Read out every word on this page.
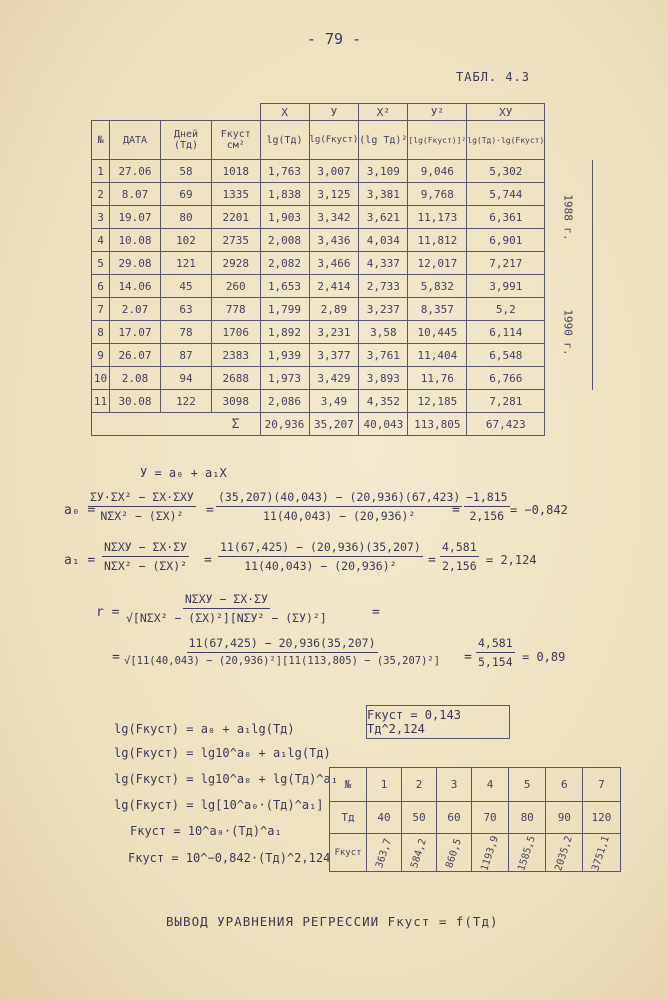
- 79 -
ТАБЛ. 4.3
				X	У	X²	У²	XУ	
№	ДАТА	Дней (Тд)	Fкуст см²	lg(Тд)	lg(Fкуст)	(lg Тд)²	[lg(Fкуст)]²	lg(Тд)·lg(Fкуст)	
1	27.06	58	1018	1,763	3,007	3,109	9,046	5,302	1988 г.
2	8.07	69	1335	1,838	3,125	3,381	9,768	5,744	
3	19.07	80	2201	1,903	3,342	3,621	11,173	6,361	
4	10.08	102	2735	2,008	3,436	4,034	11,812	6,901	
5	29.08	121	2928	2,082	3,466	4,337	12,017	7,217	
6	14.06	45	260	1,653	2,414	2,733	5,832	3,991	1990 г.
7	2.07	63	778	1,799	2,89	3,237	8,357	5,2	
8	17.07	78	1706	1,892	3,231	3,58	10,445	6,114	
9	26.07	87	2383	1,939	3,377	3,761	11,404	6,548	
10	2.08	94	2688	1,973	3,429	3,893	11,76	6,766	
11	30.08	122	3098	2,086	3,49	4,352	12,185	7,281	
			Σ	20,936	35,207	40,043	113,805	67,423	
У = a₀ + a₁X
a₀ =
ΣУ·ΣX² − ΣX·ΣXУ
$N\Sigma X^2 - (\Sigma X)^2 = \frac{(35,207)(40,043) - (20,936)(67,423)}{\text{11(40,043) − (20,936)²}}$
= $\frac{-1,815}{2,156} = -0,842$
a₁ =
NΣXУ − ΣX·ΣУ
$N\Sigma X^2 - (\Sigma X)^2 = \frac{11(67,425) - (20,936)(35,207)}{\text{11(40,043) − (20,936)²}} = \frac{4,581}{2,156} = 2,124$
r =
NΣXУ − ΣX·ΣУ
√[NΣX² − (ΣX)²][NΣУ² − (ΣУ)²]	=
= $\frac{11(67,425) - 20,936(35,207)}{\text{√[11(40,043) − (20,936)²][11(113,805) − (35,207)²]}} = \frac{4,581}{5,154} = 0,89$
lg(Fкуст) = a₀ + a₁lg(Тд)
lg(Fкуст) = lg10^a₀ + a₁lg(Тд)
lg(Fкуст) = lg10^a₀ + lg(Тд)^a₁
lg(Fкуст) = lg[10^a₀·(Тд)^a₁]
Fкуст = 10^a₀·(Тд)^a₁
Fкуст = 10^−0,842·(Тд)^2,124
Fкуст = 0,143 Тд^2,124
№	1	2	3	4	5	6	7
Тд	40	50	60	70	80	90	120
Fкуст	363,7	584,2	860,5	1193,9	1585,5	2035,2	3751,1
ВЫВОД УРАВНЕНИЯ РЕГРЕССИИ Fкуст = f(Тд)
